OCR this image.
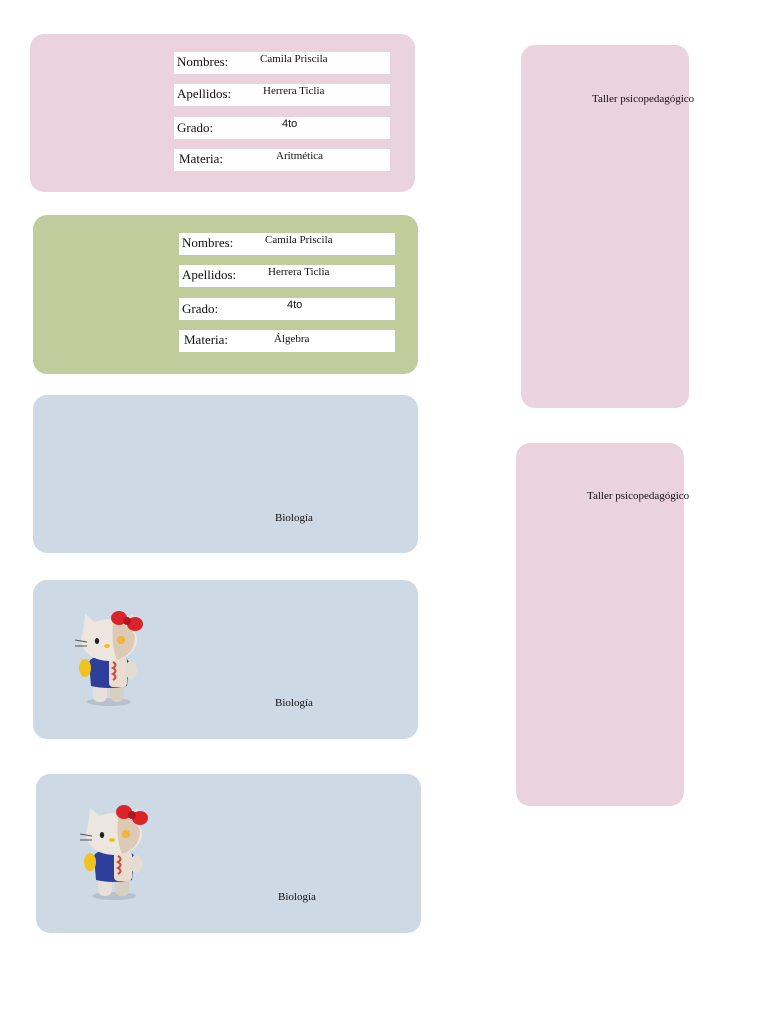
Nombres:	Camila Priscila
Apellidos:	Herrera Ticlia
Grado:	4to
Materia:	Aritmética
Nombres:	Camila Priscila
Apellidos:	Herrera Ticlia
Grado:	4to
Materia:	Álgebra
Biología
Biología
Biología
Taller psicopedagógico
Taller psicopedagógico
